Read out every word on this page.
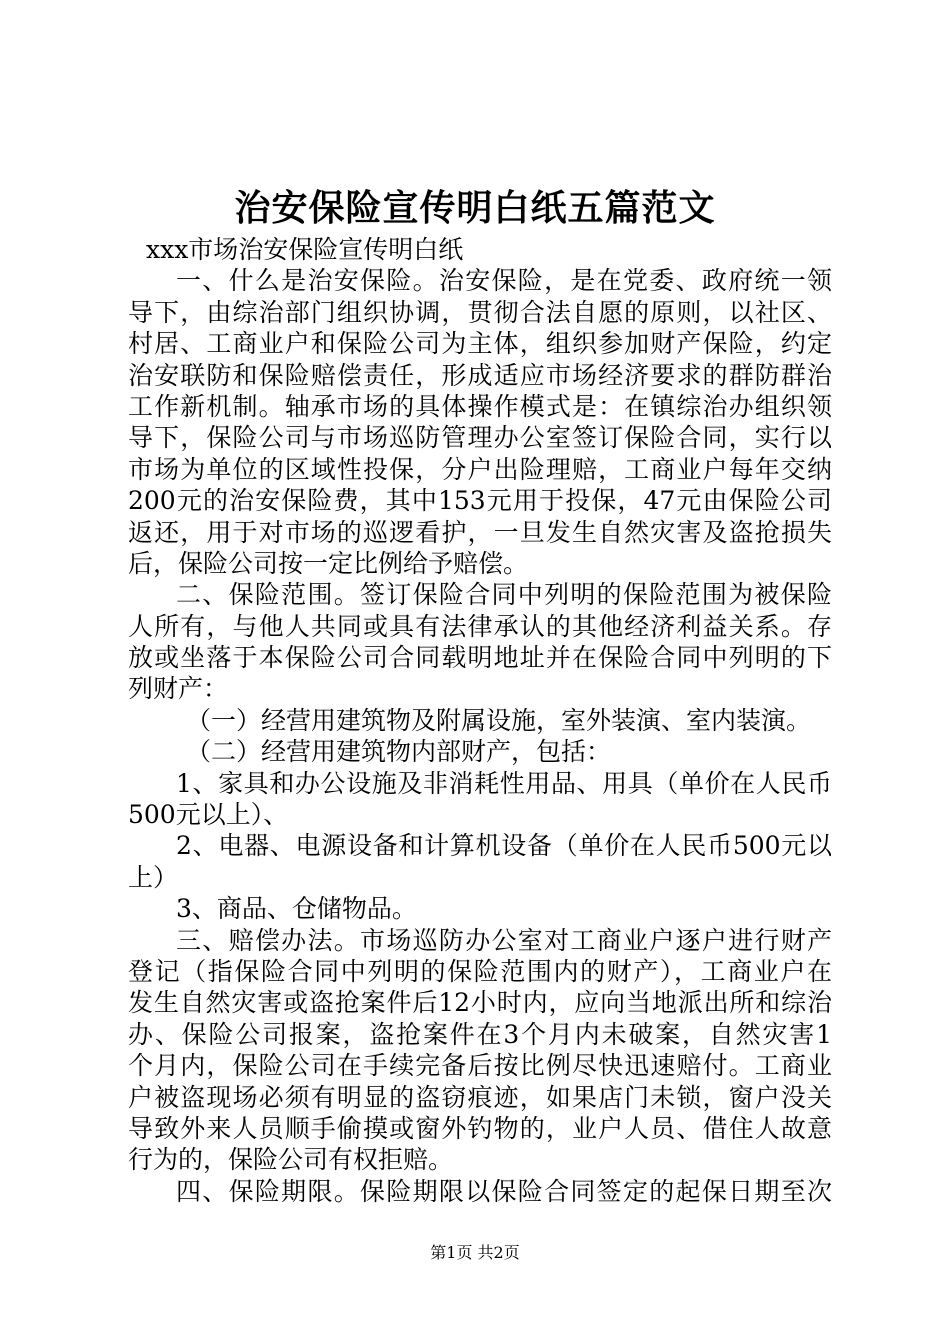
治安保险宣传明白纸五篇范文
xxx市场治安保险宣传明白纸
一、什么是治安保险。治安保险，是在党委、政府统一领
导下，由综治部门组织协调，贯彻合法自愿的原则，以社区、
村居、工商业户和保险公司为主体，组织参加财产保险，约定
治安联防和保险赔偿责任，形成适应市场经济要求的群防群治
工作新机制。轴承市场的具体操作模式是：在镇综治办组织领
导下，保险公司与市场巡防管理办公室签订保险合同，实行以
市场为单位的区域性投保，分户出险理赔，工商业户每年交纳
200元的治安保险费，其中153元用于投保，47元由保险公司
返还，用于对市场的巡逻看护，一旦发生自然灾害及盗抢损失
后，保险公司按一定比例给予赔偿。
二、保险范围。签订保险合同中列明的保险范围为被保险
人所有，与他人共同或具有法律承认的其他经济利益关系。存
放或坐落于本保险公司合同载明地址并在保险合同中列明的下
列财产：
（一）经营用建筑物及附属设施，室外装演、室内装演。
（二）经营用建筑物内部财产，包括：
1、家具和办公设施及非消耗性用品、用具（单价在人民币
500元以上）、
2、电器、电源设备和计算机设备（单价在人民币500元以
上）
3、商品、仓储物品。
三、赔偿办法。市场巡防办公室对工商业户逐户进行财产
登记（指保险合同中列明的保险范围内的财产），工商业户在
发生自然灾害或盗抢案件后12小时内，应向当地派出所和综治
办、保险公司报案，盗抢案件在3个月内未破案，自然灾害1
个月内，保险公司在手续完备后按比例尽快迅速赔付。工商业
户被盗现场必须有明显的盗窃痕迹，如果店门未锁，窗户没关
导致外来人员顺手偷摸或窗外钓物的，业户人员、借住人故意
行为的，保险公司有权拒赔。
四、保险期限。保险期限以保险合同签定的起保日期至次
第1页 共2页
